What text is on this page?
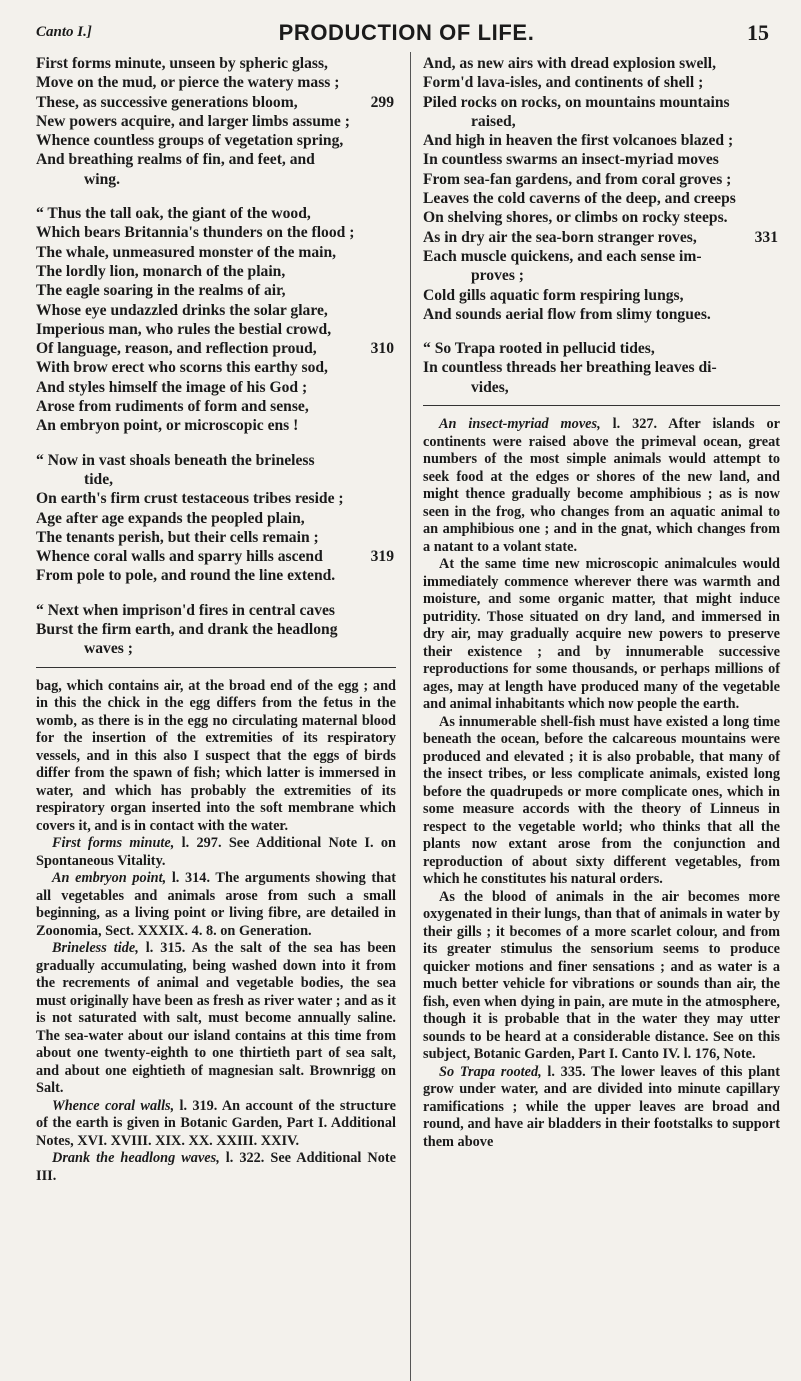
Canto I.]	PRODUCTION OF LIFE.	15
First forms minute, unseen by spheric glass,
Move on the mud, or pierce the watery mass ;
These, as successive generations bloom,	299
New powers acquire, and larger limbs assume ;
Whence countless groups of vegetation spring,
And breathing realms of fin, and feet, and
wing.
“ Thus the tall oak, the giant of the wood,
Which bears Britannia's thunders on the flood ;
The whale, unmeasured monster of the main,
The lordly lion, monarch of the plain,
The eagle soaring in the realms of air,
Whose eye undazzled drinks the solar glare,
Imperious man, who rules the bestial crowd,
Of language, reason, and reflection proud,	310
With brow erect who scorns this earthy sod,
And styles himself the image of his God ;
Arose from rudiments of form and sense,
An embryon point, or microscopic ens !
“ Now in vast shoals beneath the brineless
tide,
On earth's firm crust testaceous tribes reside ;
Age after age expands the peopled plain,
The tenants perish, but their cells remain ;
Whence coral walls and sparry hills ascend	319
From pole to pole, and round the line extend.
“ Next when imprison'd fires in central caves
Burst the firm earth, and drank the headlong
waves ;

bag, which contains air, at the broad end of the egg ; and in this the chick in the egg differs from the fetus in the womb, as there is in the egg no circulating maternal blood for the insertion of the extremities of its respiratory vessels, and in this also I suspect that the eggs of birds differ from the spawn of fish; which latter is immersed in water, and which has probably the extremities of its respiratory organ inserted into the soft membrane which covers it, and is in contact with the water.

First forms minute, l. 297. See Additional Note I. on Spontaneous Vitality.

An embryon point, l. 314. The arguments showing that all vegetables and animals arose from such a small beginning, as a living point or living fibre, are detailed in Zoonomia, Sect. XXXIX. 4. 8. on Generation.

Brineless tide, l. 315. As the salt of the sea has been gradually accumulating, being washed down into it from the recrements of animal and vegetable bodies, the sea must originally have been as fresh as river water ; and as it is not saturated with salt, must become annually saline. The sea-water about our island contains at this time from about one twenty-eighth to one thirtieth part of sea salt, and about one eightieth of magnesian salt. Brownrigg on Salt.

Whence coral walls, l. 319. An account of the structure of the earth is given in Botanic Garden, Part I. Additional Notes, XVI. XVIII. XIX. XX. XXIII. XXIV.

Drank the headlong waves, l. 322. See Additional Note III.

And, as new airs with dread explosion swell,
Form'd lava-isles, and continents of shell ;
Piled rocks on rocks, on mountains mountains
raised,
And high in heaven the first volcanoes blazed ;
In countless swarms an insect-myriad moves
From sea-fan gardens, and from coral groves ;
Leaves the cold caverns of the deep, and creeps
On shelving shores, or climbs on rocky steeps.
As in dry air the sea-born stranger roves,	331
Each muscle quickens, and each sense im-
proves ;
Cold gills aquatic form respiring lungs,
And sounds aerial flow from slimy tongues.
“ So Trapa rooted in pellucid tides,
In countless threads her breathing leaves di-
vides,

An insect-myriad moves, l. 327. After islands or continents were raised above the primeval ocean, great numbers of the most simple animals would attempt to seek food at the edges or shores of the new land, and might thence gradually become amphibious ; as is now seen in the frog, who changes from an aquatic animal to an amphibious one ; and in the gnat, which changes from a natant to a volant state.

At the same time new microscopic animalcules would immediately commence wherever there was warmth and moisture, and some organic matter, that might induce putridity. Those situated on dry land, and immersed in dry air, may gradually acquire new powers to preserve their existence ; and by innumerable successive reproductions for some thousands, or perhaps millions of ages, may at length have produced many of the vegetable and animal inhabitants which now people the earth.

As innumerable shell-fish must have existed a long time beneath the ocean, before the calcareous mountains were produced and elevated ; it is also probable, that many of the insect tribes, or less complicate animals, existed long before the quadrupeds or more complicate ones, which in some measure accords with the theory of Linneus in respect to the vegetable world; who thinks that all the plants now extant arose from the conjunction and reproduction of about sixty different vegetables, from which he constitutes his natural orders.

As the blood of animals in the air becomes more oxygenated in their lungs, than that of animals in water by their gills ; it becomes of a more scarlet colour, and from its greater stimulus the sensorium seems to produce quicker motions and finer sensations ; and as water is a much better vehicle for vibrations or sounds than air, the fish, even when dying in pain, are mute in the atmosphere, though it is probable that in the water they may utter sounds to be heard at a considerable distance. See on this subject, Botanic Garden, Part I. Canto IV. l. 176, Note.

So Trapa rooted, l. 335. The lower leaves of this plant grow under water, and are divided into minute capillary ramifications ; while the upper leaves are broad and round, and have air bladders in their footstalks to support them above
